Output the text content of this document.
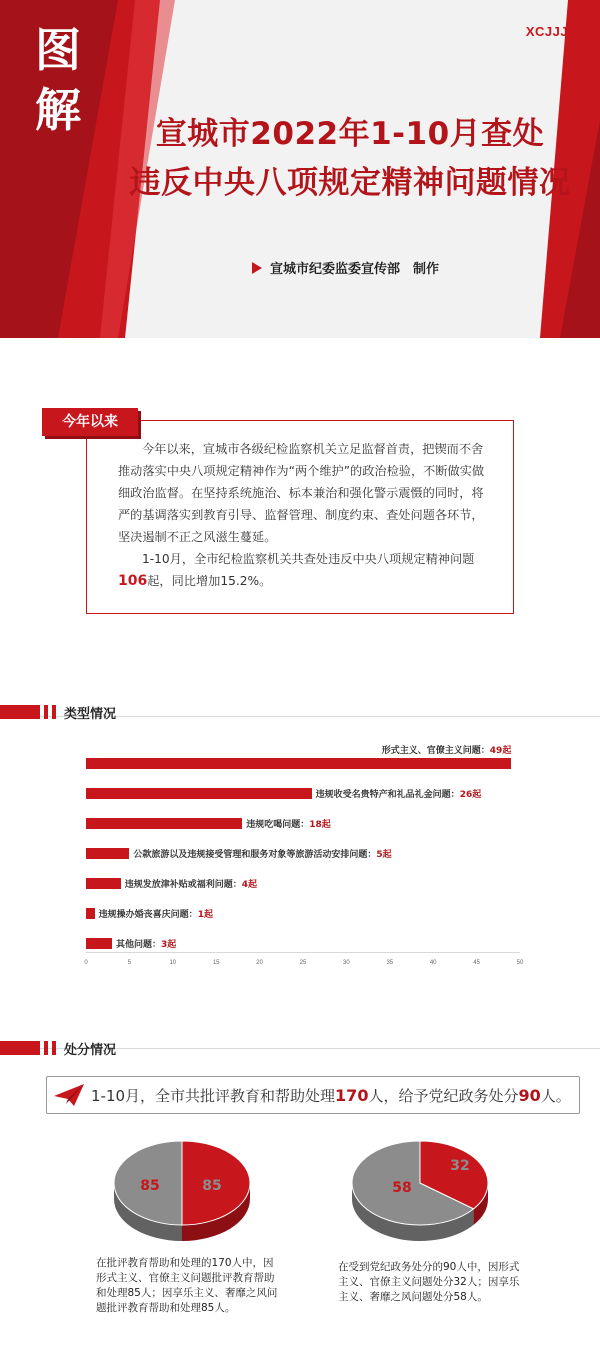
图
解
XCJJJC
宣城市2022年1-10月查处
违反中央八项规定精神问题情况
宣城市纪委监委宣传部　制作
今年以来

今年以来，宣城市各级纪检监察机关立足监督首责，把锲而不舍推动落实中央八项规定精神作为“两个维护”的政治检验，不断做实做细政治监督。在坚持系统施治、标本兼治和强化警示震慑的同时，将严的基调落实到教育引导、监督管理、制度约束、查处问题各环节，坚决遏制不正之风滋生蔓延。

1-10月，全市纪检监察机关共查处违反中央八项规定精神问题106起，同比增加15.2%。

类型情况
0	5	10	15	20	25	30	35	40	45	50
形式主义、官僚主义问题：49起
违规收受名贵特产和礼品礼金问题：26起
违规吃喝问题：18起
公款旅游以及违规接受管理和服务对象等旅游活动安排问题：5起
违规发放津补贴或福利问题：4起
违规操办婚丧喜庆问题：1起
其他问题：3起
处分情况
1-10月，全市共批评教育和帮助处理170人，给予党纪政务处分90人。
85	85	58
32
在批评教育帮助和处理的170人中，因形式主义、官僚主义问题批评教育帮助和处理85人；因享乐主义、奢靡之风问题批评教育帮助和处理85人。
在受到党纪政务处分的90人中，因形式主义、官僚主义问题处分32人；因享乐主义、奢靡之风问题处分58人。
